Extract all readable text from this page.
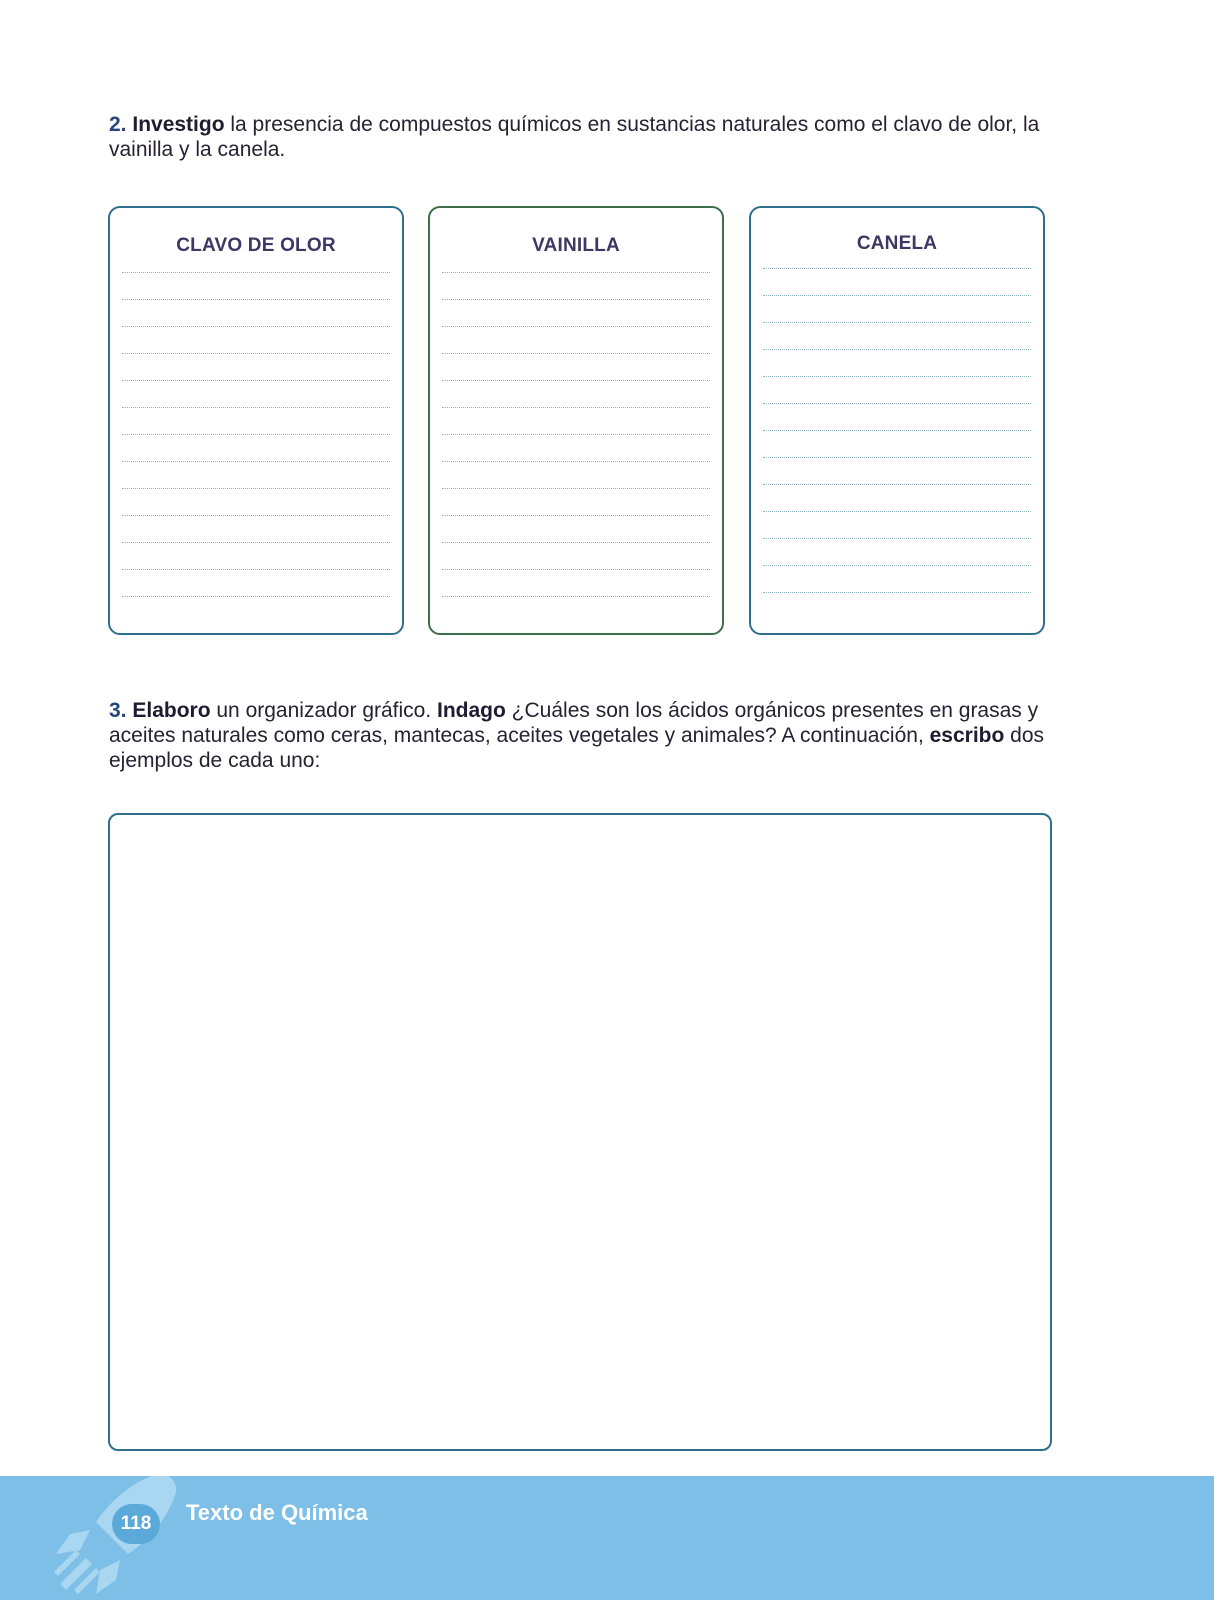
2. Investigo la presencia de compuestos químicos en sustancias naturales como el clavo de olor, la vainilla y la canela.
CLAVO DE OLOR	VAINILLA	CANELA
3. Elaboro un organizador gráfico. Indago ¿Cuáles son los ácidos orgánicos presentes en grasas y aceites naturales como ceras, mantecas, aceites vegetales y animales? A continuación, escribo dos ejemplos de cada uno:
118	Texto de Química
